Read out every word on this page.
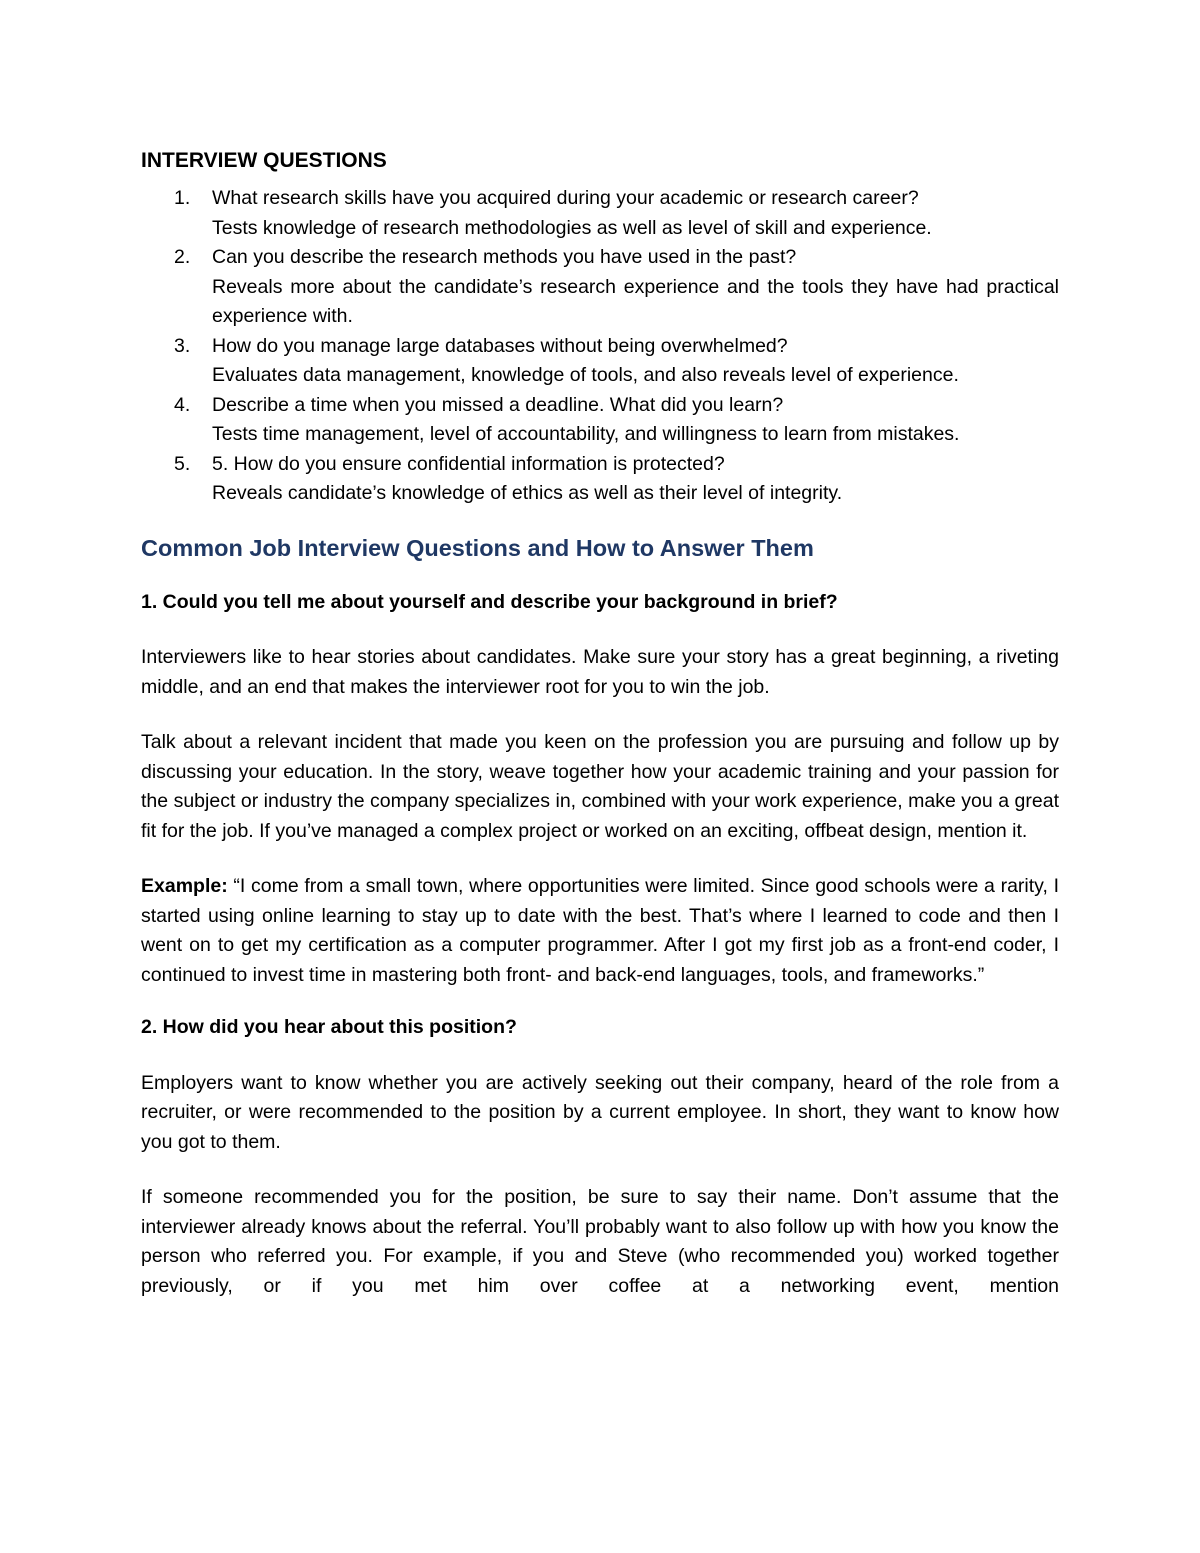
INTERVIEW QUESTIONS
1. What research skills have you acquired during your academic or research career?
Tests knowledge of research methodologies as well as level of skill and experience.
2. Can you describe the research methods you have used in the past?
Reveals more about the candidate’s research experience and the tools they have had practical experience with.
3. How do you manage large databases without being overwhelmed?
Evaluates data management, knowledge of tools, and also reveals level of experience.
4. Describe a time when you missed a deadline. What did you learn?
Tests time management, level of accountability, and willingness to learn from mistakes.
5. 5. How do you ensure confidential information is protected?
Reveals candidate’s knowledge of ethics as well as their level of integrity.
Common Job Interview Questions and How to Answer Them
1. Could you tell me about yourself and describe your background in brief?
Interviewers like to hear stories about candidates. Make sure your story has a great beginning, a riveting middle, and an end that makes the interviewer root for you to win the job.
Talk about a relevant incident that made you keen on the profession you are pursuing and follow up by discussing your education. In the story, weave together how your academic training and your passion for the subject or industry the company specializes in, combined with your work experience, make you a great fit for the job. If you’ve managed a complex project or worked on an exciting, offbeat design, mention it.
Example: “I come from a small town, where opportunities were limited. Since good schools were a rarity, I started using online learning to stay up to date with the best. That’s where I learned to code and then I went on to get my certification as a computer programmer. After I got my first job as a front-end coder, I continued to invest time in mastering both front- and back-end languages, tools, and frameworks.”
2. How did you hear about this position?
Employers want to know whether you are actively seeking out their company, heard of the role from a recruiter, or were recommended to the position by a current employee. In short, they want to know how you got to them.
If someone recommended you for the position, be sure to say their name. Don’t assume that the interviewer already knows about the referral. You’ll probably want to also follow up with how you know the person who referred you. For example, if you and Steve (who recommended you) worked together previously, or if you met him over coffee at a networking event, mention
